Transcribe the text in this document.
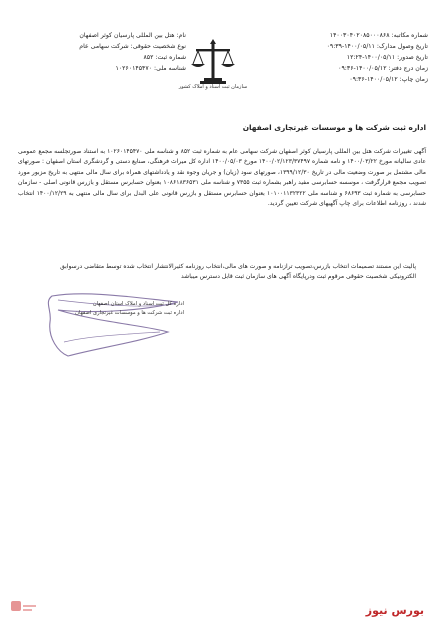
شماره مکاتبه: ۱۴۰۰۳۰۴۰۲۰۸۵۰۰۰۸۶۸
تاریخ وصول مدارک: ۱۴۰۰/۰۵/۱۱-۰۹:۳۹
تاریخ صدور: ۱۴۰۰/۰۵/۱۱-۱۲:۲۴
زمان درج دفتر: ۱۴۰۰/۰۵/۱۲-۰۹:۳۶
زمان چاپ: ۱۴۰۰/۰۵/۱۲-۰۹:۳۶
نام: هتل بین المللی پارسیان کوثر اصفهان
نوع شخصیت حقوقی: شرکت سهامی عام
شماره ثبت: ۸۵۲
شناسه ملی: ۱۰۲۶۰۱۴۵۴۷۰
سازمان ثبت اسناد و املاک کشور
اداره ثبت شرکت ها و موسسات غیرتجاری اصفهان
آگهی تغییرات شرکت هتل بین المللی پارسیان کوثر اصفهان شرکت سهامی عام به شماره ثبت ۸۵۲ و شناسه ملی ۱۰۲۶۰۱۴۵۴۷۰ به استناد صورتجلسه مجمع عمومی عادی سالیانه مورخ ۱۴۰۰/۰۳/۲۲ و نامه شماره ۱۴۰۰/۰۲/۱۲۳/۳۷۴۹۷ مورخ ۱۴۰۰/۰۵/۰۳ اداره کل میراث فرهنگی، صنایع دستی و گردشگری استان اصفهان : صورتهای مالی مشتمل بر صورت وضعیت مالی در تاریخ ۱۳۹۹/۱۲/۳۰، صورتهای سود (زیان) و جریان وجوه نقد و یادداشتهای همراه برای سال مالی منتهی به تاریخ مزبور مورد تصویب مجمع قرارگرفت ، موسسه حسابرسی مفید راهبر بشماره ثبت ۷۳۵۵ و شناسه ملی ۱۰۸۶۱۸۳۶۵۳۱ بعنوان حسابرس مستقل و بازرس قانونی اصلی - سازمان حسابرسی به شماره ثبت ۶۸۶۹۳ و شناسه ملی ۱۰۱۰۰۱۱۳۲۳۲۲ بعنوان حسابرس مستقل و بازرس قانونی علی البدل برای سال مالی منتهی به ۱۴۰۰/۱۲/۲۹ انتخاب شدند ، روزنامه اطلاعات برای چاپ آگهیهای شرکت تعیین گردید.
پالیت این مستند تصمیمات انتخاب بازرس،تصویب ترازنامه و صورت های مالی،انتخاب روزنامه کثیرالانتشار انتخاب شده توسط متقاضی درسوابق الکترونیکی شخصیت حقوقی مرقوم ثبت ودرپایگاه آگهی های سازمان ثبت قابل دسترس میباشد
اداره کل ثبت اسناد و املاک استان اصفهان
اداره ثبت شرکت ها و موسسات غیرتجاری اصفهان
بورس نیوز
